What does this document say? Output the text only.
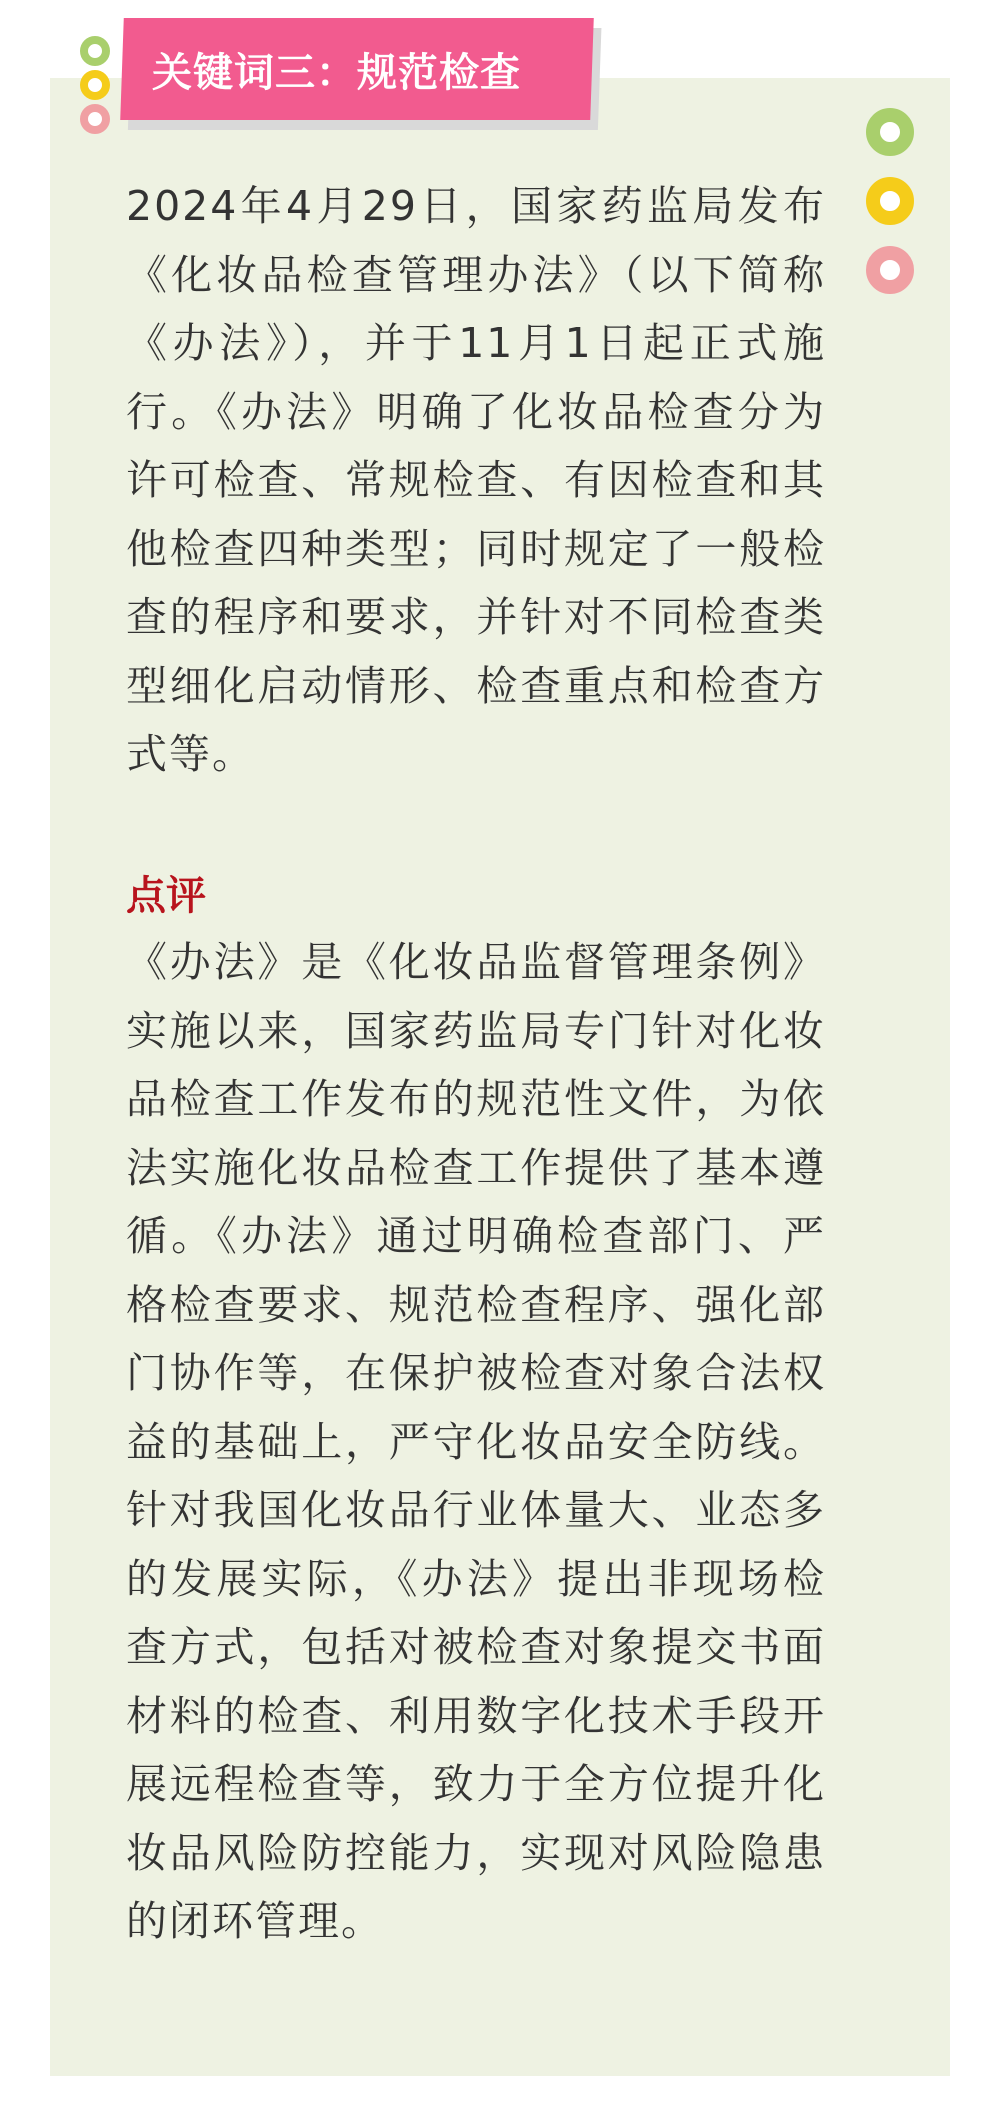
关键词三：规范检查
2024年4月29日，国家药监局发布《化妆品检查管理办法》（以下简称《办法》），并于11月1日起正式施行。《办法》明确了化妆品检查分为许可检查、常规检查、有因检查和其他检查四种类型；同时规定了一般检查的程序和要求，并针对不同检查类型细化启动情形、检查重点和检查方式等。
点评
《办法》是《化妆品监督管理条例》实施以来，国家药监局专门针对化妆品检查工作发布的规范性文件，为依法实施化妆品检查工作提供了基本遵循。《办法》通过明确检查部门、严格检查要求、规范检查程序、强化部门协作等，在保护被检查对象合法权益的基础上，严守化妆品安全防线。针对我国化妆品行业体量大、业态多的发展实际，《办法》提出非现场检查方式，包括对被检查对象提交书面材料的检查、利用数字化技术手段开展远程检查等，致力于全方位提升化妆品风险防控能力，实现对风险隐患的闭环管理。
